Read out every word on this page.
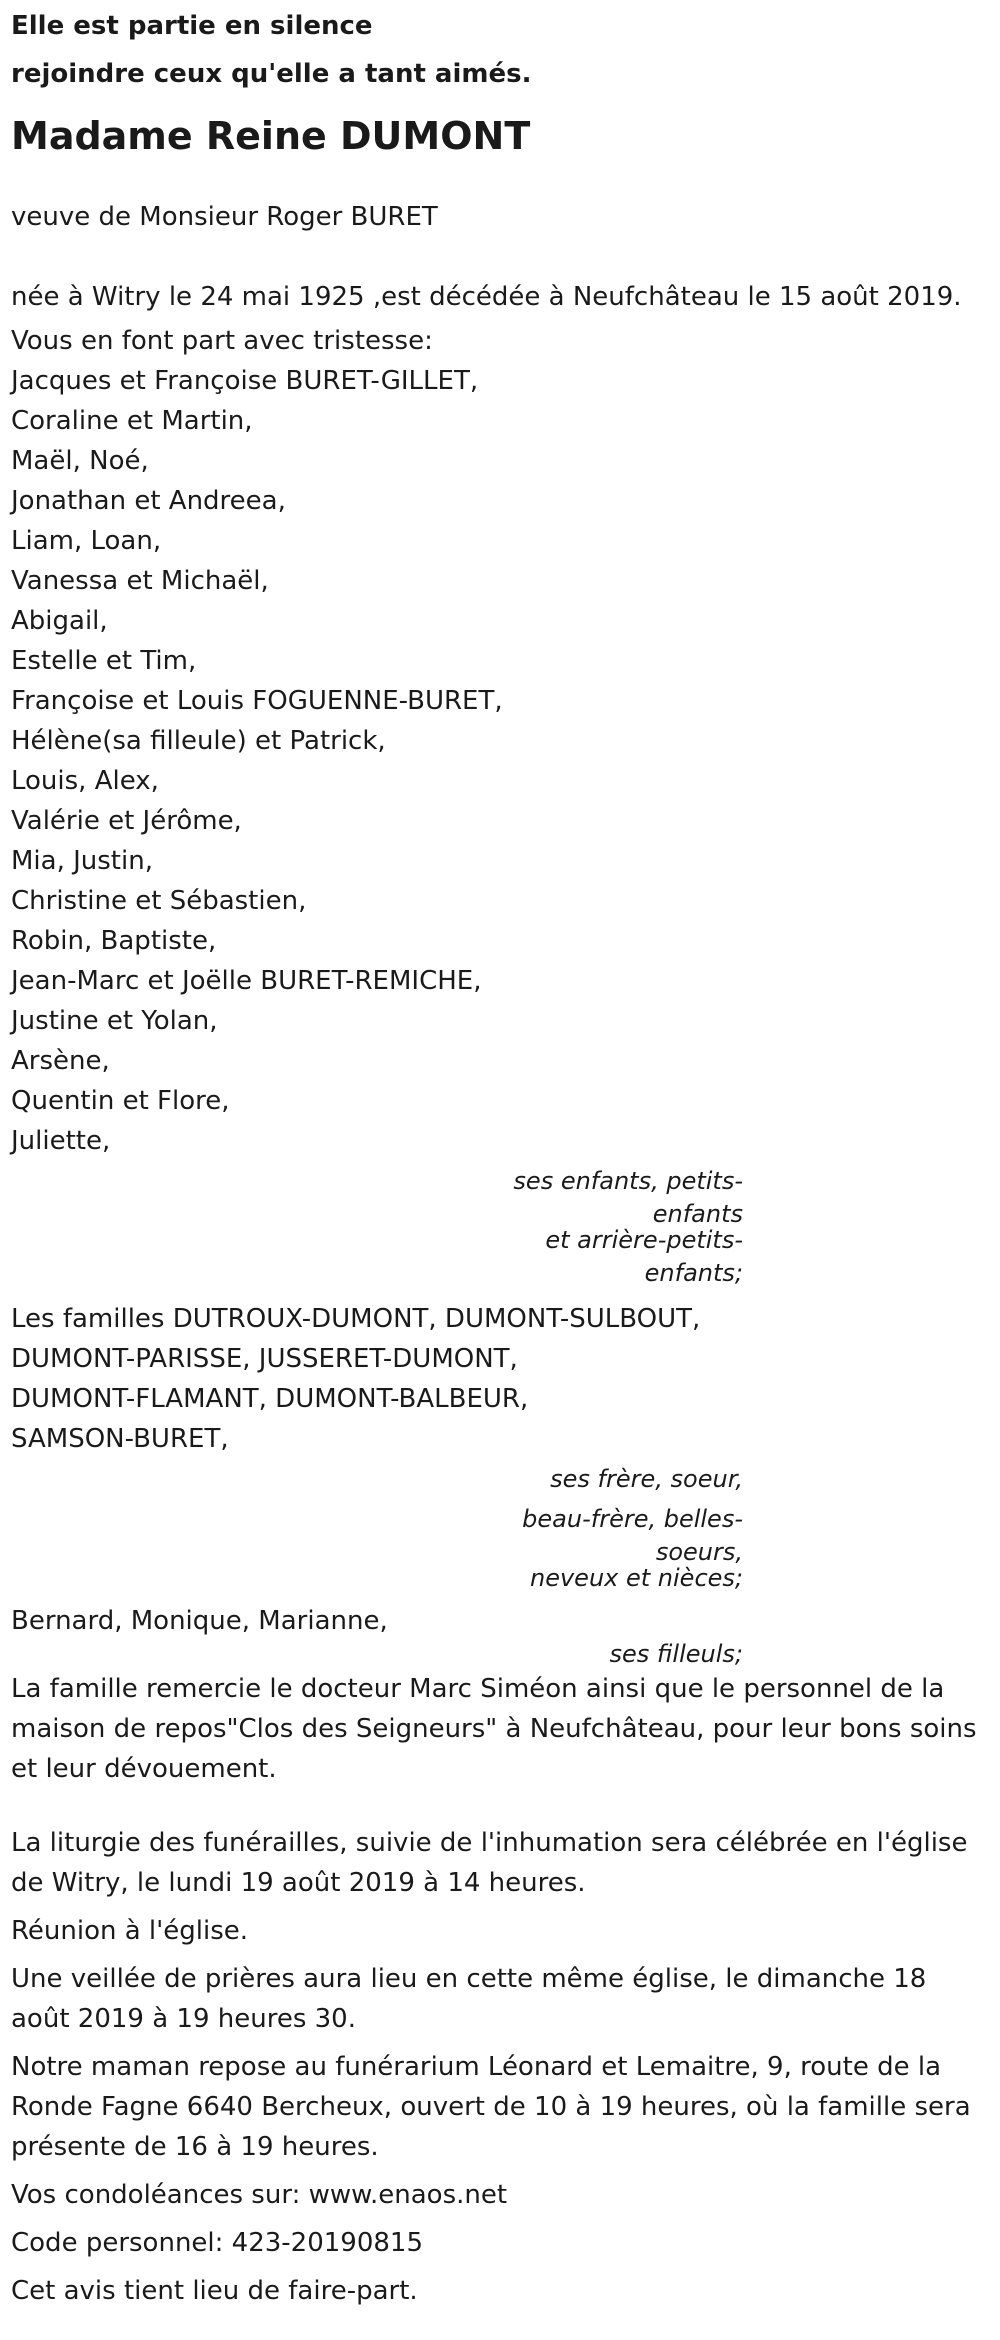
Elle est partie en silence
rejoindre ceux qu'elle a tant aimés.
Madame Reine DUMONT
veuve de Monsieur Roger BURET
née à Witry le 24 mai 1925 ,est décédée à Neufchâteau le 15 août 2019.
Vous en font part avec tristesse:
Jacques et Françoise BURET-GILLET,
Coraline et Martin,
Maël, Noé,
Jonathan et Andreea,
Liam, Loan,
Vanessa et Michaël,
Abigail,
Estelle et Tim,
Françoise et Louis FOGUENNE-BURET,
Hélène(sa filleule) et Patrick,
Louis, Alex,
Valérie et Jérôme,
Mia, Justin,
Christine et Sébastien,
Robin, Baptiste,
Jean-Marc et Joëlle BURET-REMICHE,
Justine et Yolan,
Arsène,
Quentin et Flore,
Juliette,
ses enfants, petits-
enfants
et arrière-petits-
enfants;
Les familles DUTROUX-DUMONT, DUMONT-SULBOUT,
DUMONT-PARISSE, JUSSERET-DUMONT,
DUMONT-FLAMANT, DUMONT-BALBEUR,
SAMSON-BURET,
ses frère, soeur,
beau-frère, belles-
soeurs,
neveux et nièces;
Bernard, Monique, Marianne,
ses filleuls;
La famille remercie le docteur Marc Siméon ainsi que le personnel de la
maison de repos"Clos des Seigneurs" à Neufchâteau, pour leur bons soins
et leur dévouement.
La liturgie des funérailles, suivie de l'inhumation sera célébrée en l'église
de Witry, le lundi 19 août 2019 à 14 heures.
Réunion à l'église.
Une veillée de prières aura lieu en cette même église, le dimanche 18
août 2019 à 19 heures 30.
Notre maman repose au funérarium Léonard et Lemaitre, 9, route de la
Ronde Fagne 6640 Bercheux, ouvert de 10 à 19 heures, où la famille sera
présente de 16 à 19 heures.
Vos condoléances sur: www.enaos.net
Code personnel: 423-20190815
Cet avis tient lieu de faire-part.
